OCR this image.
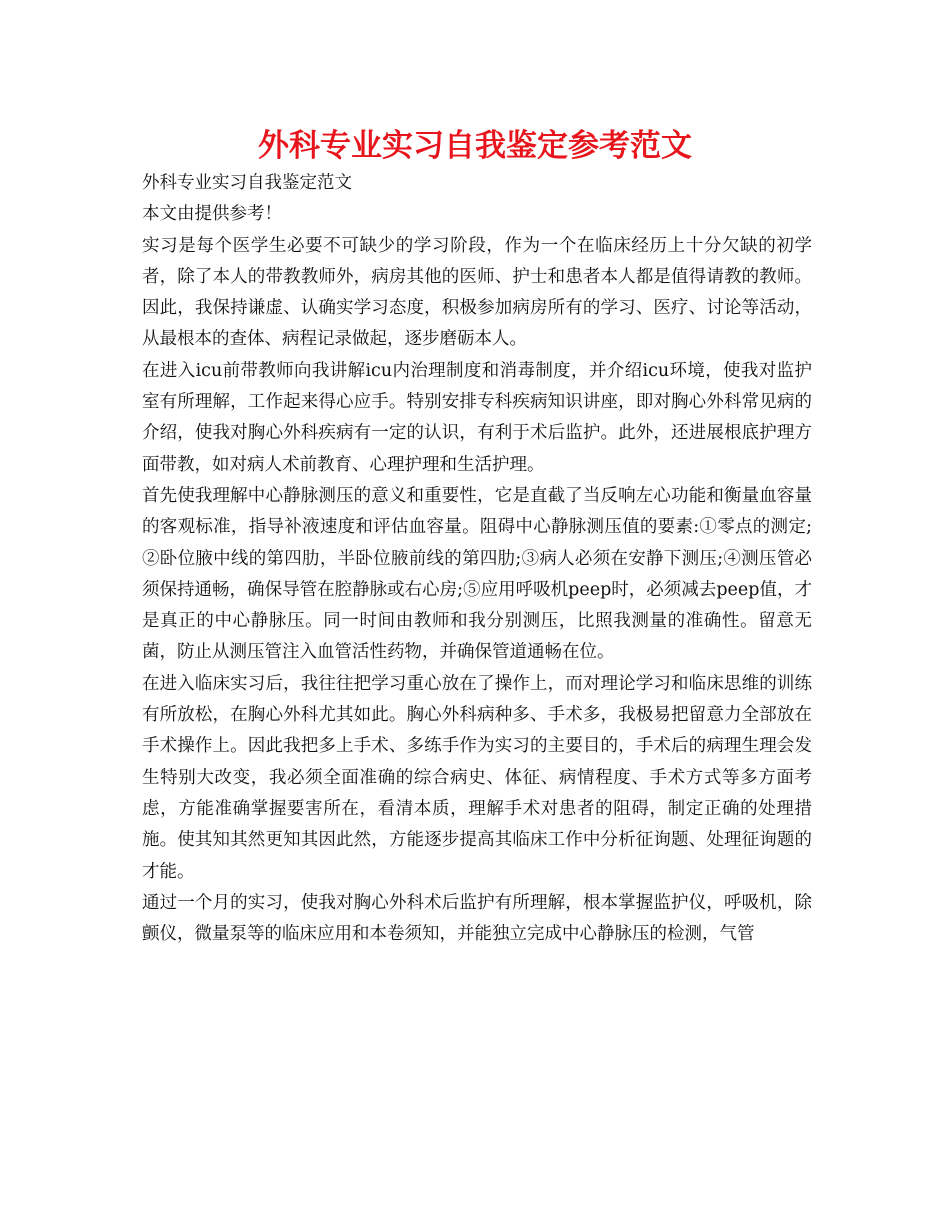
外科专业实习自我鉴定参考范文

外科专业实习自我鉴定范文

本文由提供参考！

实习是每个医学生必要不可缺少的学习阶段，作为一个在临床经历上十分欠缺的初学者，除了本人的带教教师外，病房其他的医师、护士和患者本人都是值得请教的教师。因此，我保持谦虚、认确实学习态度，积极参加病房所有的学习、医疗、讨论等活动，从最根本的查体、病程记录做起，逐步磨砺本人。

在进入icu前带教师向我讲解icu内治理制度和消毒制度，并介绍icu环境，使我对监护室有所理解，工作起来得心应手。特别安排专科疾病知识讲座，即对胸心外科常见病的介绍，使我对胸心外科疾病有一定的认识，有利于术后监护。此外，还进展根底护理方面带教，如对病人术前教育、心理护理和生活护理。

首先使我理解中心静脉测压的意义和重要性，它是直截了当反响左心功能和衡量血容量的客观标准，指导补液速度和评估血容量。阻碍中心静脉测压值的要素:①零点的测定;②卧位腋中线的第四肋，半卧位腋前线的第四肋;③病人必须在安静下测压;④测压管必须保持通畅，确保导管在腔静脉或右心房;⑤应用呼吸机peep时，必须减去peep值，才是真正的中心静脉压。同一时间由教师和我分别测压，比照我测量的准确性。留意无菌，防止从测压管注入血管活性药物，并确保管道通畅在位。

在进入临床实习后，我往往把学习重心放在了操作上，而对理论学习和临床思维的训练有所放松，在胸心外科尤其如此。胸心外科病种多、手术多，我极易把留意力全部放在手术操作上。因此我把多上手术、多练手作为实习的主要目的，手术后的病理生理会发生特别大改变，我必须全面准确的综合病史、体征、病情程度、手术方式等多方面考虑，方能准确掌握要害所在，看清本质，理解手术对患者的阻碍，制定正确的处理措施。使其知其然更知其因此然，方能逐步提高其临床工作中分析征询题、处理征询题的才能。

通过一个月的实习，使我对胸心外科术后监护有所理解，根本掌握监护仪，呼吸机，除颤仪，微量泵等的临床应用和本卷须知，并能独立完成中心静脉压的检测，气管
